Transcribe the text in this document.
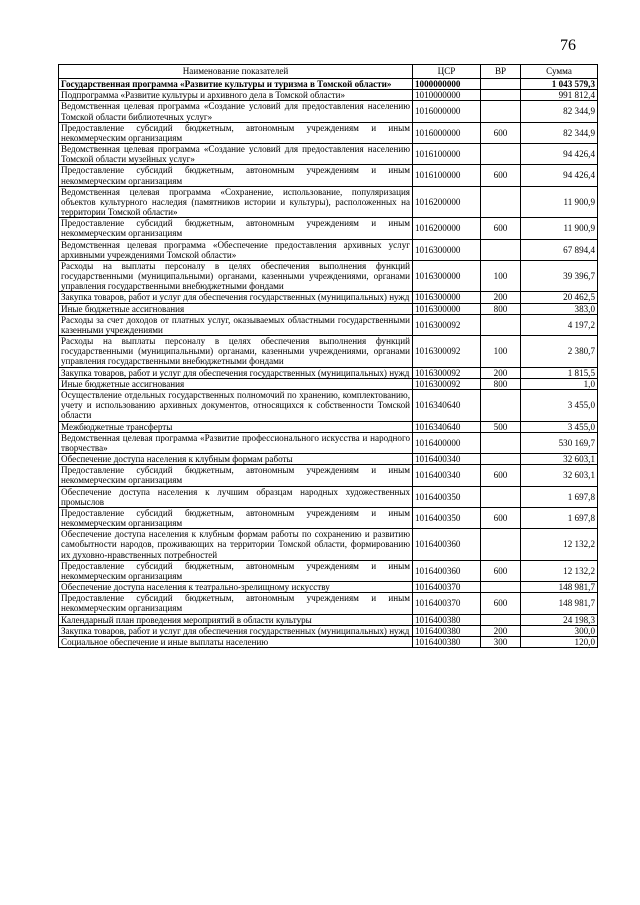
76
Наименование показателей	ЦСР	ВР	Сумма
Государственная программа «Развитие культуры и туризма в Томской области»	1000000000		1 043 579,3
Подпрограмма «Развитие культуры и архивного дела в Томской области»	1010000000		991 812,4
Ведомственная целевая программа «Создание условий для предоставления населению Томской области библиотечных услуг»	1016000000		82 344,9
Предоставление субсидий бюджетным, автономным учреждениям и иным некоммерческим организациям	1016000000	600	82 344,9
Ведомственная целевая программа «Создание условий для предоставления населению Томской области музейных услуг»	1016100000		94 426,4
Предоставление субсидий бюджетным, автономным учреждениям и иным некоммерческим организациям	1016100000	600	94 426,4
Ведомственная целевая программа «Сохранение, использование, популяризация объектов культурного наследия (памятников истории и культуры), расположенных на территории Томской области»	1016200000		11 900,9
Предоставление субсидий бюджетным, автономным учреждениям и иным некоммерческим организациям	1016200000	600	11 900,9
Ведомственная целевая программа «Обеспечение предоставления архивных услуг архивными учреждениями Томской области»	1016300000		67 894,4
Расходы на выплаты персоналу в целях обеспечения выполнения функций государственными (муниципальными) органами, казенными учреждениями, органами управления государственными внебюджетными фондами	1016300000	100	39 396,7
Закупка товаров, работ и услуг для обеспечения государственных (муниципальных) нужд	1016300000	200	20 462,5
Иные бюджетные ассигнования	1016300000	800	383,0
Расходы за счет доходов от платных услуг, оказываемых областными государственными казенными учреждениями	1016300092		4 197,2
Расходы на выплаты персоналу в целях обеспечения выполнения функций государственными (муниципальными) органами, казенными учреждениями, органами управления государственными внебюджетными фондами	1016300092	100	2 380,7
Закупка товаров, работ и услуг для обеспечения государственных (муниципальных) нужд	1016300092	200	1 815,5
Иные бюджетные ассигнования	1016300092	800	1,0
Осуществление отдельных государственных полномочий по хранению, комплектованию, учету и использованию архивных документов, относящихся к собственности Томской области	1016340640		3 455,0
Межбюджетные трансферты	1016340640	500	3 455,0
Ведомственная целевая программа «Развитие профессионального искусства и народного творчества»	1016400000		530 169,7
Обеспечение доступа населения к клубным формам работы	1016400340		32 603,1
Предоставление субсидий бюджетным, автономным учреждениям и иным некоммерческим организациям	1016400340	600	32 603,1
Обеспечение доступа населения к лучшим образцам народных художественных промыслов	1016400350		1 697,8
Предоставление субсидий бюджетным, автономным учреждениям и иным некоммерческим организациям	1016400350	600	1 697,8
Обеспечение доступа населения к клубным формам работы по сохранению и развитию самобытности народов, проживающих на территории Томской области, формированию их духовно-нравственных потребностей	1016400360		12 132,2
Предоставление субсидий бюджетным, автономным учреждениям и иным некоммерческим организациям	1016400360	600	12 132,2
Обеспечение доступа населения к театрально-зрелищному искусству	1016400370		148 981,7
Предоставление субсидий бюджетным, автономным учреждениям и иным некоммерческим организациям	1016400370	600	148 981,7
Календарный план проведения мероприятий в области культуры	1016400380		24 198,3
Закупка товаров, работ и услуг для обеспечения государственных (муниципальных) нужд	1016400380	200	300,0
Социальное обеспечение и иные выплаты населению	1016400380	300	120,0
